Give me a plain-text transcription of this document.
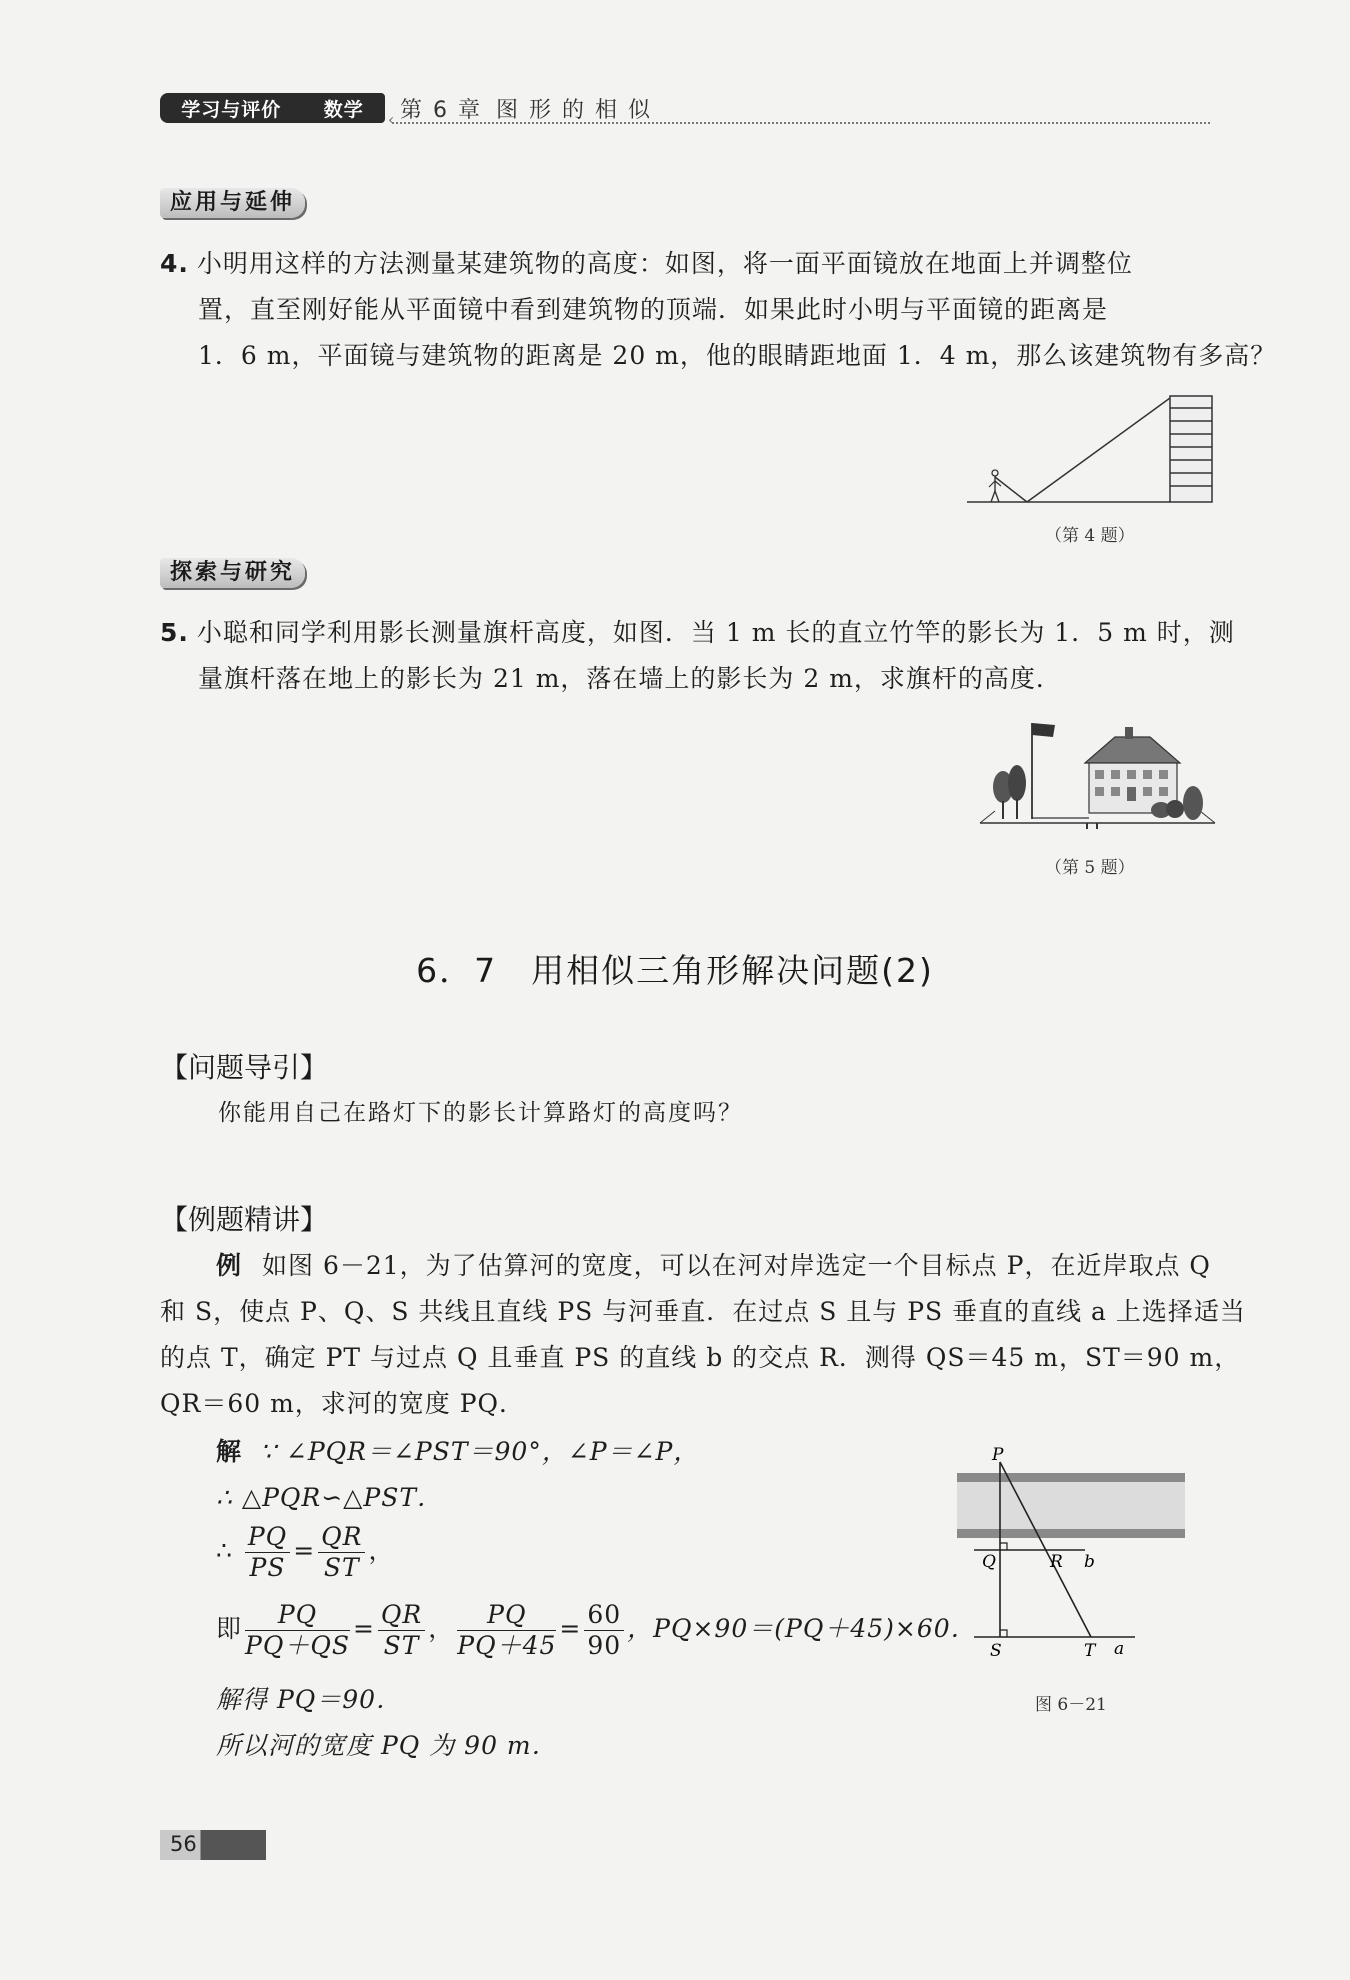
学习与评价 数学 ‹ 第 6 章 图 形 的 相 似
应用与延伸
4. 小明用这样的方法测量某建筑物的高度：如图，将一面平面镜放在地面上并调整位
置，直至刚好能从平面镜中看到建筑物的顶端．如果此时小明与平面镜的距离是
1．6 m，平面镜与建筑物的距离是 20 m，他的眼睛距地面 1．4 m，那么该建筑物有多高？
（第 4 题）
探索与研究
5. 小聪和同学利用影长测量旗杆高度，如图．当 1 m 长的直立竹竿的影长为 1．5 m 时，测
量旗杆落在地上的影长为 21 m，落在墙上的影长为 2 m，求旗杆的高度．
（第 5 题）
6．7 用相似三角形解决问题(2)
【问题导引】
你能用自己在路灯下的影长计算路灯的高度吗？
【例题精讲】
例 如图 6－21，为了估算河的宽度，可以在河对岸选定一个目标点 P，在近岸取点 Q
和 S，使点 P、Q、S 共线且直线 PS 与河垂直．在过点 S 且与 PS 垂直的直线 a 上选择适当
的点 T，确定 PT 与过点 Q 且垂直 PS 的直线 b 的交点 R．测得 QS＝45 m，ST＝90 m，
QR＝60 m，求河的宽度 PQ．
解 ∵ ∠PQR＝∠PST＝90°，∠P＝∠P，
∴ △PQR∽△PST．
∴ $\frac{PQ}{PS} = \frac{QR}{ST}$ ，
即 $\frac{PQ}{PQ+QS} = \frac{QR}{ST}$ ， $\frac{PQ}{PQ+45} = \frac{60}{90}$ ，PQ×90＝(PQ＋45)×60．
解得 PQ＝90．
所以河的宽度 PQ 为 90 m．
P
Q	R b
S	T a
图 6－21
56
